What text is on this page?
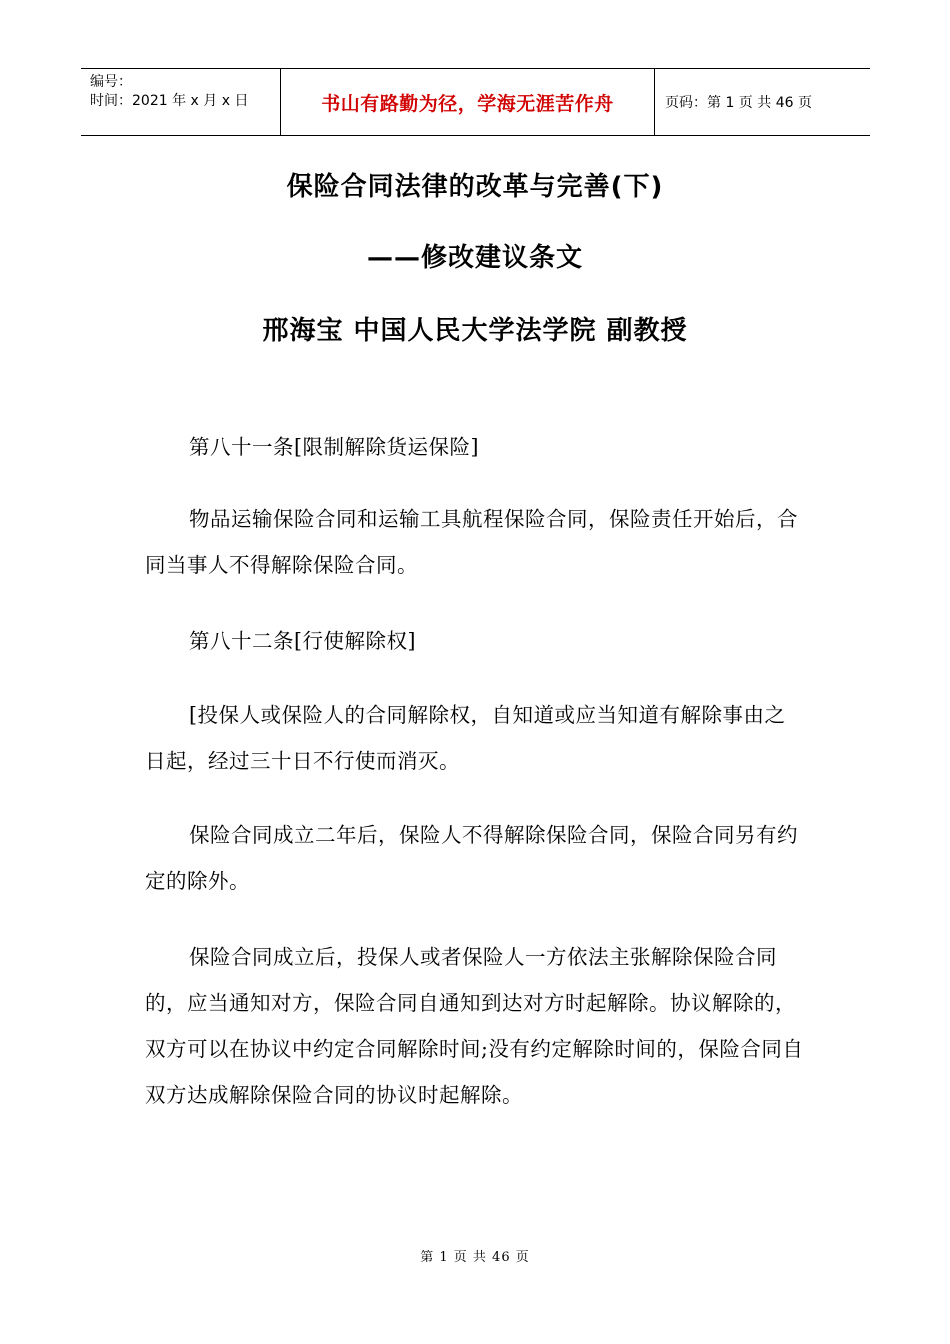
编号：
时间：2021 年 x 月 x 日	书山有路勤为径，学海无涯苦作舟	页码：第 1 页 共 46 页
保险合同法律的改革与完善(下)
——修改建议条文
邢海宝 中国人民大学法学院 副教授

第八十一条[限制解除货运保险]

物品运输保险合同和运输工具航程保险合同，保险责任开始后，合同当事人不得解除保险合同。

第八十二条[行使解除权]

[投保人或保险人的合同解除权，自知道或应当知道有解除事由之日起，经过三十日不行使而消灭。

保险合同成立二年后，保险人不得解除保险合同，保险合同另有约定的除外。

保险合同成立后，投保人或者保险人一方依法主张解除保险合同的，应当通知对方，保险合同自通知到达对方时起解除。协议解除的，双方可以在协议中约定合同解除时间;没有约定解除时间的，保险合同自双方达成解除保险合同的协议时起解除。

第 1 页 共 46 页
